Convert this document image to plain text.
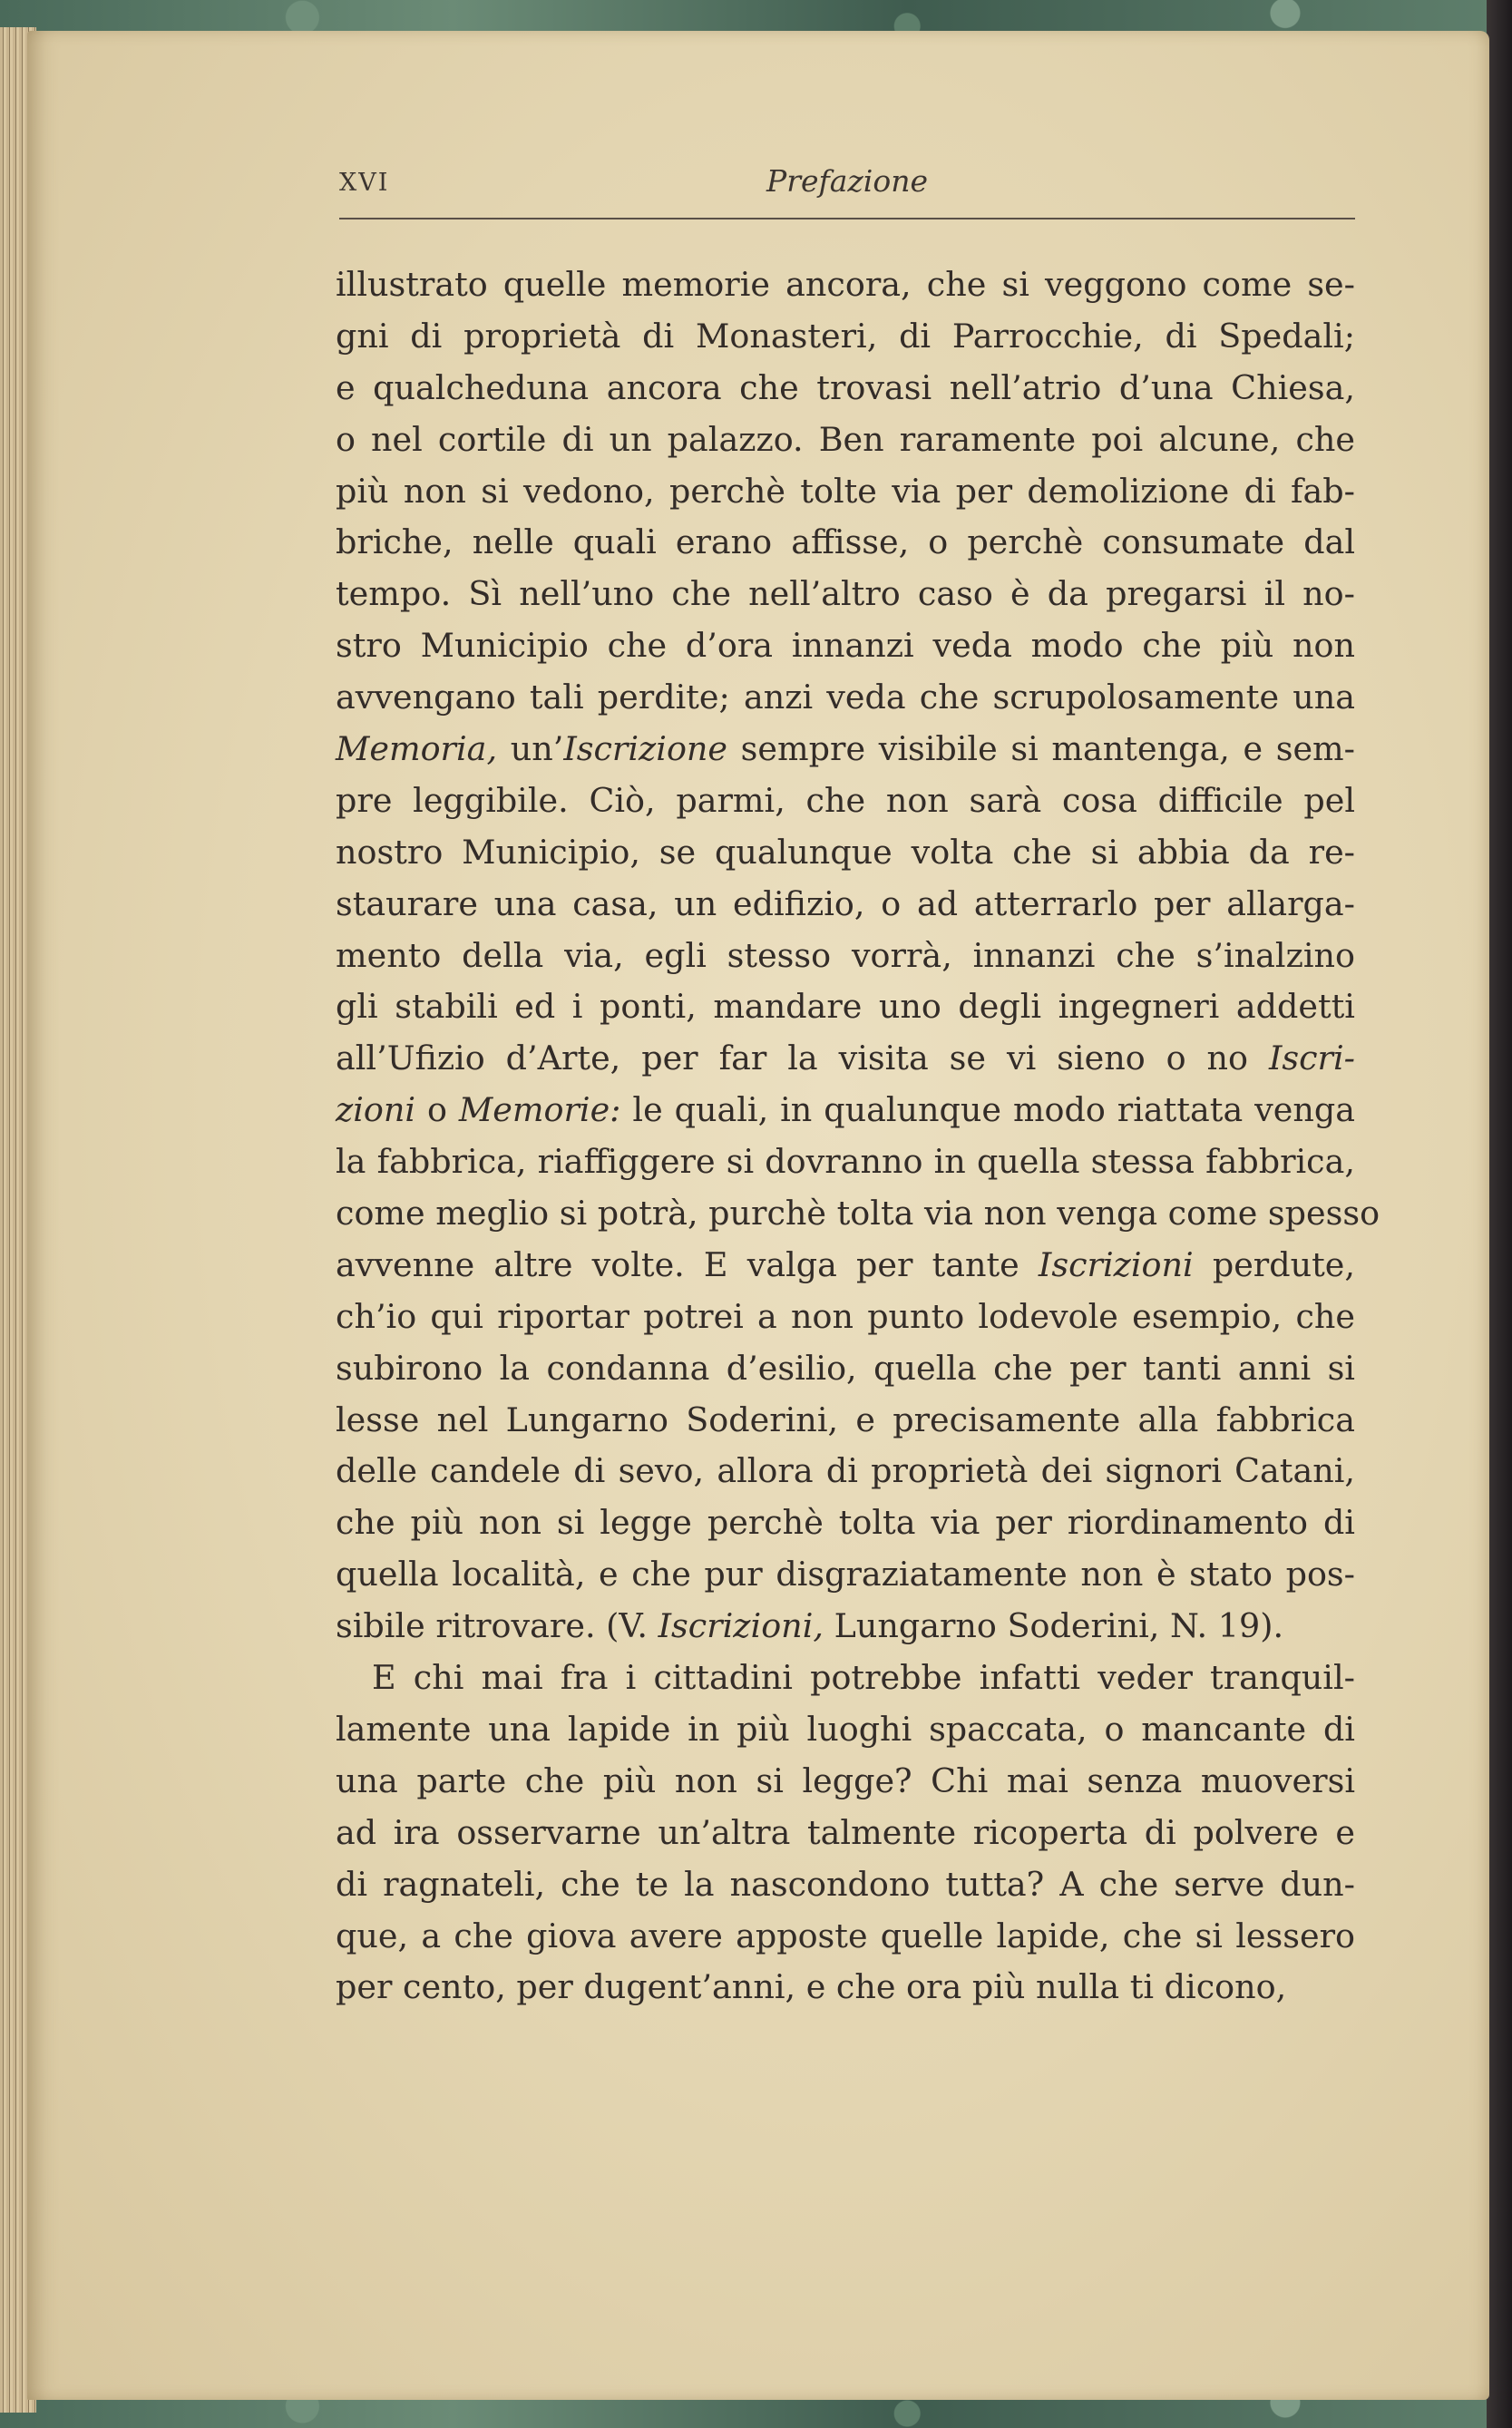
XVI	Prefazione
illustrato quelle memorie ancora, che si veggono come se-
gni di proprietà di Monasteri, di Parrocchie, di Spedali;
e qualcheduna ancora che trovasi nell’atrio d’una Chiesa,
o nel cortile di un palazzo. Ben raramente poi alcune, che
più non si vedono, perchè tolte via per demolizione di fab-
briche, nelle quali erano affisse, o perchè consumate dal
tempo. Sì nell’uno che nell’altro caso è da pregarsi il no-
stro Municipio che d’ora innanzi veda modo che più non
avvengano tali perdite; anzi veda che scrupolosamente una
Memoria, un’Iscrizione sempre visibile si mantenga, e sem-
pre leggibile. Ciò, parmi, che non sarà cosa difficile pel
nostro Municipio, se qualunque volta che si abbia da re-
staurare una casa, un edifizio, o ad atterrarlo per allarga-
mento della via, egli stesso vorrà, innanzi che s’inalzino
gli stabili ed i ponti, mandare uno degli ingegneri addetti
all’Ufizio d’Arte, per far la visita se vi sieno o no Iscri-
zioni o Memorie: le quali, in qualunque modo riattata venga
la fabbrica, riaffiggere si dovranno in quella stessa fabbrica,
come meglio si potrà, purchè tolta via non venga come spesso
avvenne altre volte. E valga per tante Iscrizioni perdute,
ch’io qui riportar potrei a non punto lodevole esempio, che
subirono la condanna d’esilio, quella che per tanti anni si
lesse nel Lungarno Soderini, e precisamente alla fabbrica
delle candele di sevo, allora di proprietà dei signori Catani,
che più non si legge perchè tolta via per riordinamento di
quella località, e che pur disgraziatamente non è stato pos-
sibile ritrovare. (V. Iscrizioni, Lungarno Soderini, N. 19).
E chi mai fra i cittadini potrebbe infatti veder tranquil-
lamente una lapide in più luoghi spaccata, o mancante di
una parte che più non si legge? Chi mai senza muoversi
ad ira osservarne un’altra talmente ricoperta di polvere e
di ragnateli, che te la nascondono tutta? A che serve dun-
que, a che giova avere apposte quelle lapide, che si lessero
per cento, per dugent’anni, e che ora più nulla ti dicono,
